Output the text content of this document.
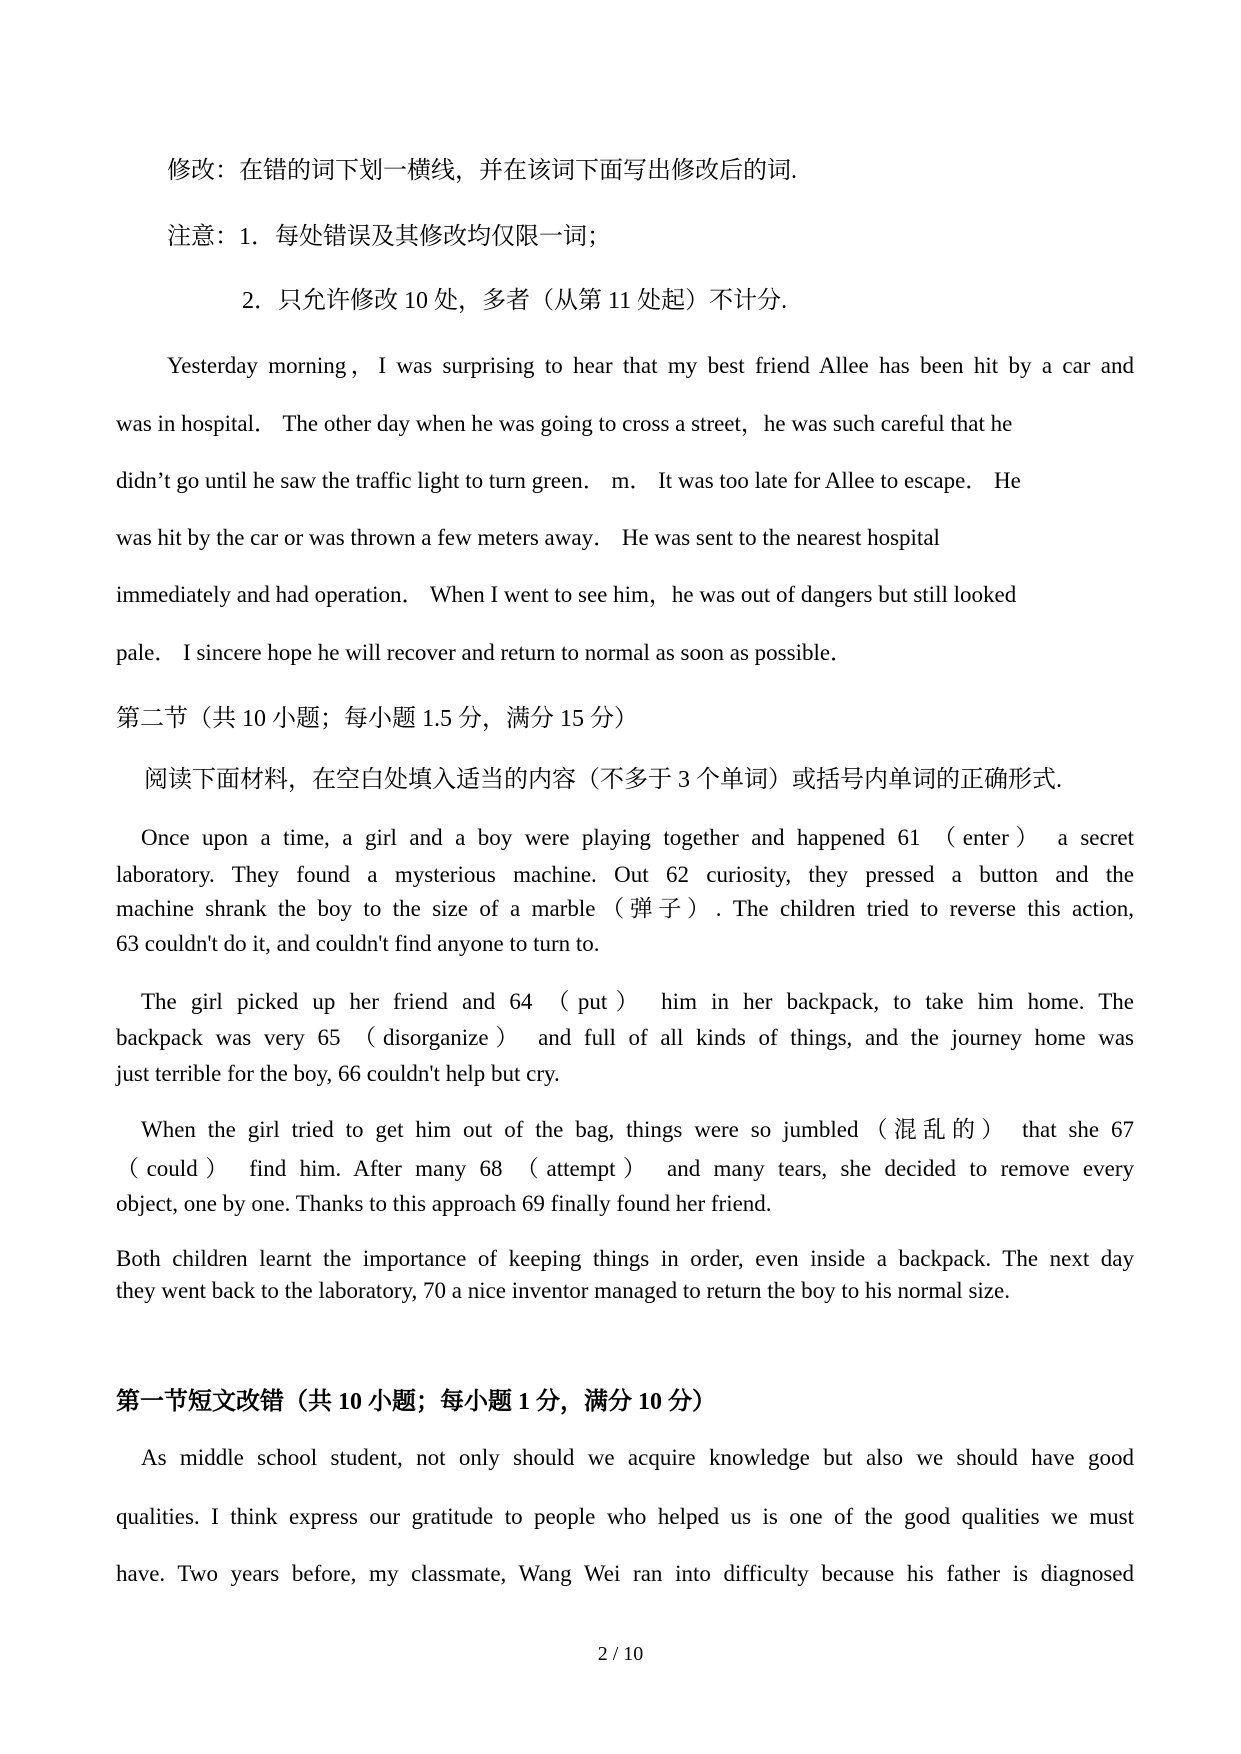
修改：在错的词下划一横线，并在该词下面写出修改后的词.
注意：1．每处错误及其修改均仅限一词；
2．只允许修改 10 处，多者（从第 11 处起）不计分.
Yesterday morning，I was surprising to hear that my best friend Allee has been hit by a car and
was in hospital． The other day when he was going to cross a street，he was such careful that he
didn’t go until he saw the traffic light to turn green． m． It was too late for Allee to escape． He
was hit by the car or was thrown a few meters away． He was sent to the nearest hospital
immediately and had operation． When I went to see him，he was out of dangers but still looked
pale． I sincere hope he will recover and return to normal as soon as possible．
第二节（共 10 小题；每小题 1.5 分，满分 15 分）
阅读下面材料，在空白处填入适当的内容（不多于 3 个单词）或括号内单词的正确形式.
Once upon a time, a girl and a boy were playing together and happened 61 （enter） a secret
laboratory. They found a mysterious machine. Out 62 curiosity, they pressed a button and the
machine shrank the boy to the size of a marble（弹子）. The children tried to reverse this action,
63 couldn't do it, and couldn't find anyone to turn to.
The girl picked up her friend and 64 （put） him in her backpack, to take him home. The
backpack was very 65 （disorganize） and full of all kinds of things, and the journey home was
just terrible for the boy, 66 couldn't help but cry.
When the girl tried to get him out of the bag, things were so jumbled（混乱的） that she 67
（could） find him. After many 68 （attempt） and many tears, she decided to remove every
object, one by one. Thanks to this approach 69 finally found her friend.
Both children learnt the importance of keeping things in order, even inside a backpack. The next day
they went back to the laboratory, 70 a nice inventor managed to return the boy to his normal size.
第一节短文改错（共 10 小题；每小题 1 分，满分 10 分）
As middle school student, not only should we acquire knowledge but also we should have good
qualities. I think express our gratitude to people who helped us is one of the good qualities we must
have. Two years before, my classmate, Wang Wei ran into difficulty because his father is diagnosed
2 / 10
